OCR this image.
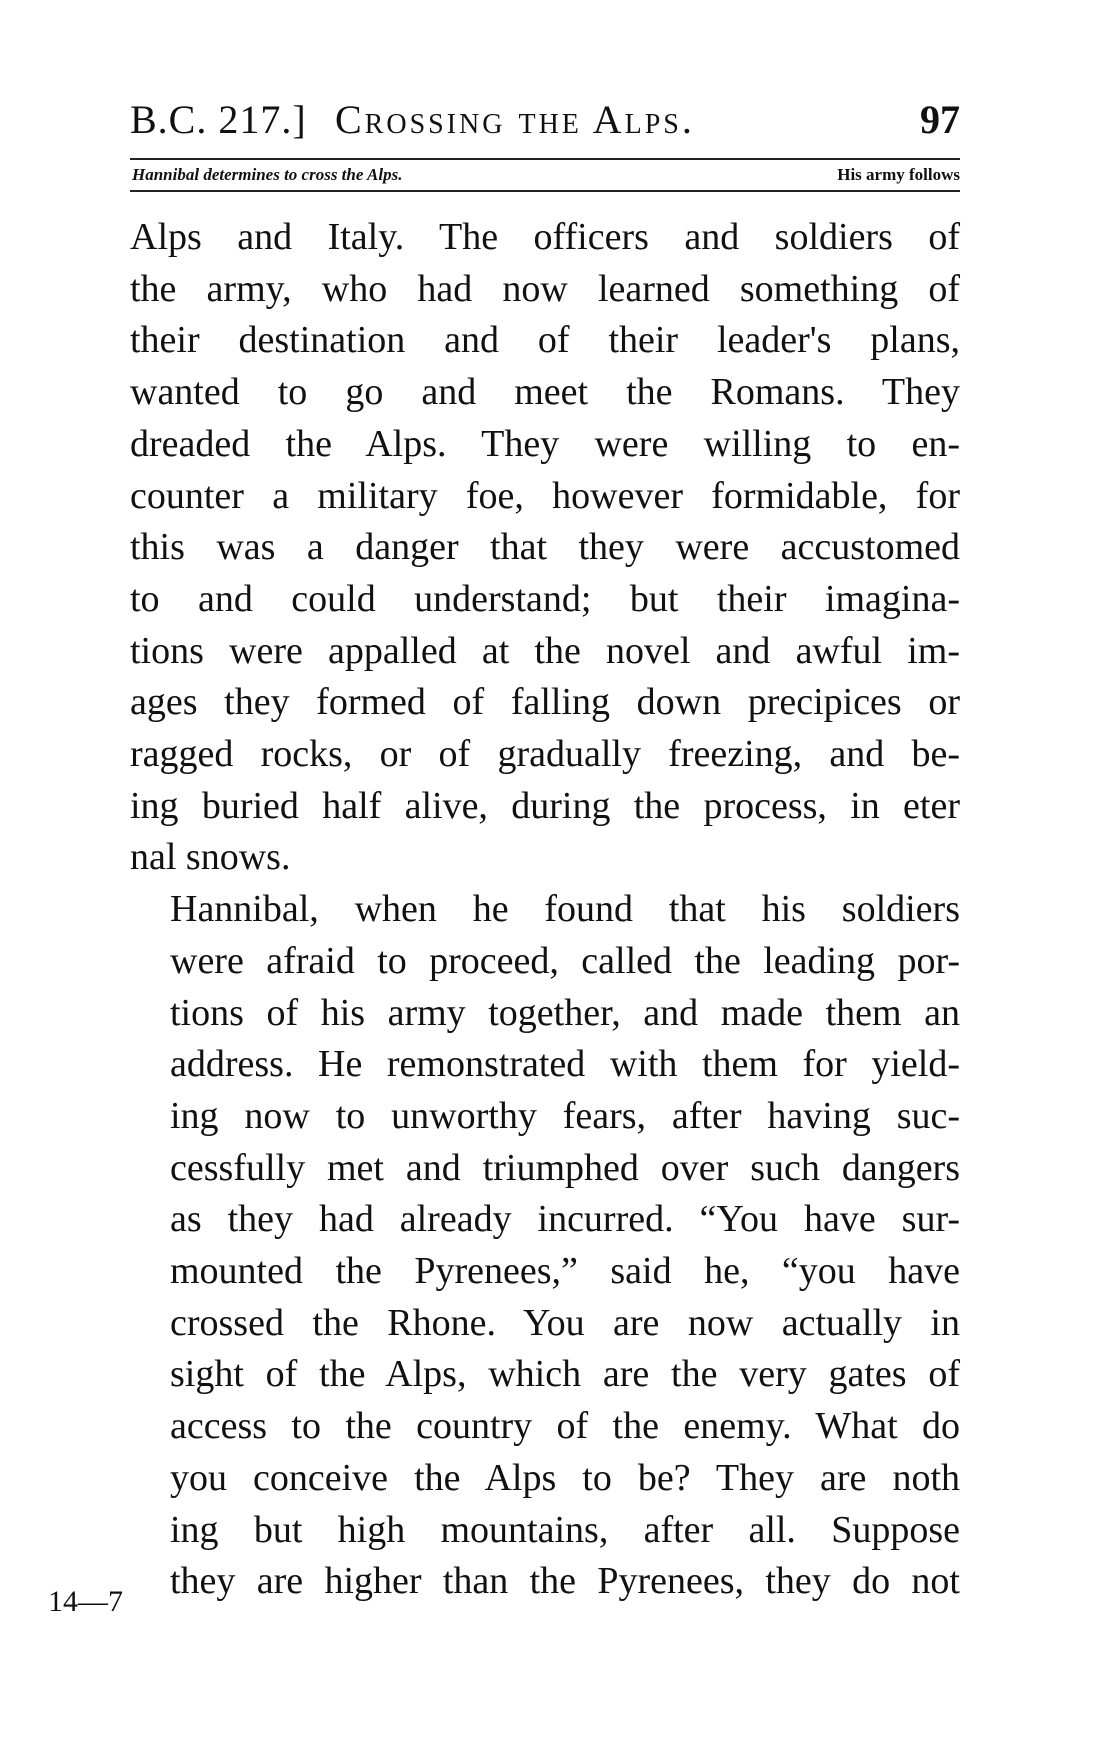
B.C. 217.] Crossing the Alps.	97
Hannibal determines to cross the Alps.	His army follows

Alps and Italy. The officers and soldiers of
the army, who had now learned something of
their destination and of their leader's plans,
wanted to go and meet the Romans. They
dreaded the Alps. They were willing to en-
counter a military foe, however formidable, for
this was a danger that they were accustomed
to and could understand; but their imagina-
tions were appalled at the novel and awful im-
ages they formed of falling down precipices or
ragged rocks, or of gradually freezing, and be-
ing buried half alive, during the process, in eter
nal snows.

Hannibal, when he found that his soldiers
were afraid to proceed, called the leading por-
tions of his army together, and made them an
address. He remonstrated with them for yield-
ing now to unworthy fears, after having suc-
cessfully met and triumphed over such dangers
as they had already incurred. “You have sur-
mounted the Pyrenees,” said he, “you have
crossed the Rhone. You are now actually in
sight of the Alps, which are the very gates of
access to the country of the enemy. What do
you conceive the Alps to be? They are noth
ing but high mountains, after all. Suppose
they are higher than the Pyrenees, they do not

14—7
